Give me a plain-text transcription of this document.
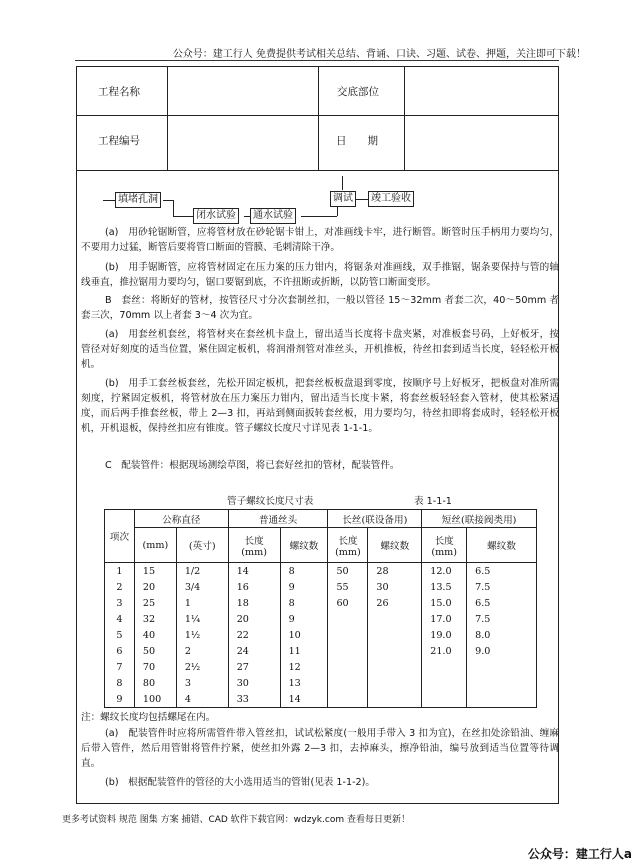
公众号：建工行人 免费提供考试相关总结、背诵、口诀、习题、试卷、押题，关注即可下载！
工程名称	交底部位
工程编号	日　　期
填堵孔洞
闭水试验	通水试验
调试	竣工验收
(a)　用砂轮锯断管，应将管材放在砂轮锯卡钳上，对准画线卡牢，进行断管。断管时压手柄用力要均匀，不要用力过猛，断管后要将管口断面的管膜、毛刺清除干净。
(b)　用手锯断管，应将管材固定在压力案的压力钳内，将锯条对准画线，双手推锯，锯条要保持与管的轴线垂直，推拉锯用力要均匀，锯口要锯到底，不许扭断或折断，以防管口断面变形。
B　套丝：将断好的管材，按管径尺寸分次套制丝扣，一般以管径 15～32mm 者套二次，40～50mm 者套三次，70mm 以上者套 3～4 次为宜。
(a)　用套丝机套丝，将管材夹在套丝机卡盘上，留出适当长度将卡盘夹紧，对准板套号码，上好板牙，按管径对好刻度的适当位置，紧住固定板机，将润滑剂管对准丝头，开机推板，待丝扣套到适当长度，轻轻松开板机。
(b)　用手工套丝板套丝，先松开固定板机，把套丝板板盘退到零度，按顺序号上好板牙，把板盘对准所需刻度，拧紧固定板机，将管材放在压力案压力钳内，留出适当长度卡紧，将套丝板轻轻套入管材，使其松紧适度，而后两手推套丝板，带上 2—3 扣，再站到侧面扳转套丝板，用力要均匀，待丝扣即将套成时，轻轻松开板机，开机退板，保持丝扣应有锥度。管子螺纹长度尺寸详见表 1-1-1。
C　配装管件：根据现场测绘草图，将已套好丝扣的管材，配装管件。
管子螺纹长度尺寸表	表 1-1-1
项次	公称直径		普通丝头		长丝(联设备用)		短丝(联接阀类用)	
	(mm)	(英寸)	长度
(mm)	螺纹数	长度
(mm)	螺纹数	长度
(mm)	螺纹数
1	15	1/2	14	8	50	28	12.0	6.5
2	20	3/4	16	9	55	30	13.5	7.5
3	25	1	18	8	60	26	15.0	6.5
4	32	1¼	20	9			17.0	7.5
5	40	1½	22	10			19.0	8.0
6	50	2	24	11			21.0	9.0
7	70	2½	27	12				
8	80	3	30	13				
9	100	4	33	14				
注：螺纹长度均包括螺尾在内。
(a)　配装管件时应将所需管件带入管丝扣，试试松紧度(一般用手带入 3 扣为宜)，在丝扣处涂铅油、缠麻后带入管件，然后用管钳将管件拧紧，使丝扣外露 2—3 扣，去掉麻头，擦净铅油，编号放到适当位置等待调直。
(b)　根据配装管件的管径的大小选用适当的管钳(见表 1-1-2)。
更多考试资料 规范 图集 方案 捕错、CAD 软件下载官网：wdzyk.com 查看每日更新！
公众号：建工行人a
